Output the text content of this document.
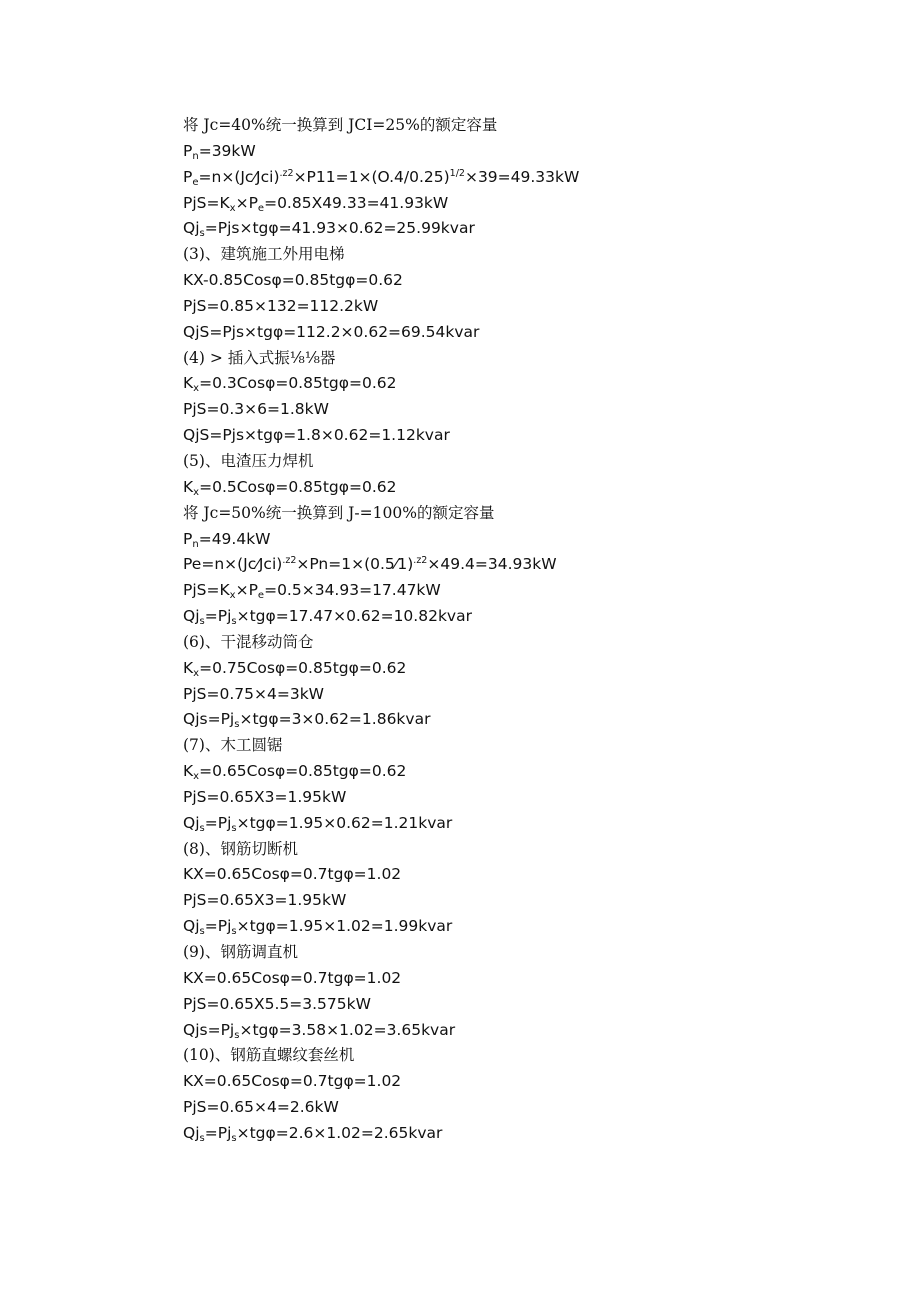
将 Jc=40%统一换算到 JCI=25%的额定容量
$P_n=39kW$
$P_e=n\times(Jc⁄Jci)^{.z2}\times P11=1\times(O.4/0.25)^{1/2}\times 39=49.33kW$
$PjS=K_x\times P_e=0.85X49.33=41.93kW$
$Qj_s=Pjs\times tg\varphi=41.93\times 0.62=25.99kvar$
(3)、建筑施工外用电梯
KX-0.85Cosφ=0.85tgφ=0.62
PjS=0.85×132=112.2kW
QjS=Pjs×tgφ=112.2×0.62=69.54kvar
(4) > 插入式振⅛⅛器
$K_x=0.3Cos\varphi=0.85tg\varphi=0.62$
PjS=0.3×6=1.8kW
QjS=Pjs×tgφ=1.8×0.62=1.12kvar
(5)、电渣压力焊机
$K_x=0.5Cos\varphi=0.85tg\varphi=0.62$
将 Jc=50%统一换算到 J-=100%的额定容量
$P_n=49.4kW$
Pe=n×(Jc⁄Jci)$^{.z2}$×Pn=1×(0.5⁄1)$^{.z2}$×49.4=34.93kW
$PjS=K_x\times P_e=0.5\times 34.93=17.47kW$
$Qj_s=Pj_s\times tg\varphi=17.47\times 0.62=10.82kvar$
(6)、干混移动筒仓
$K_x=0.75Cos\varphi=0.85tg\varphi=0.62$
PjS=0.75×4=3kW
$Qjs=Pj_s\times tg\varphi=3\times 0.62=1.86kvar$
(7)、木工圆锯
$K_x=0.65Cos\varphi=0.85tg\varphi=0.62$
PjS=0.65X3=1.95kW
$Qj_s=Pj_s\times tg\varphi=1.95\times 0.62=1.21kvar$
(8)、钢筋切断机
KX=0.65Cosφ=0.7tgφ=1.02
PjS=0.65X3=1.95kW
$Qj_s=Pj_s\times tg\varphi=1.95\times 1.02=1.99kvar$
(9)、钢筋调直机
KX=0.65Cosφ=0.7tgφ=1.02
PjS=0.65X5.5=3.575kW
$Qjs=Pj_s\times tg\varphi=3.58\times 1.02=3.65kvar$
(10)、钢筋直螺纹套丝机
KX=0.65Cosφ=0.7tgφ=1.02
PjS=0.65×4=2.6kW
$Qj_s=Pj_s\times tg\varphi=2.6\times 1.02=2.65kvar$
